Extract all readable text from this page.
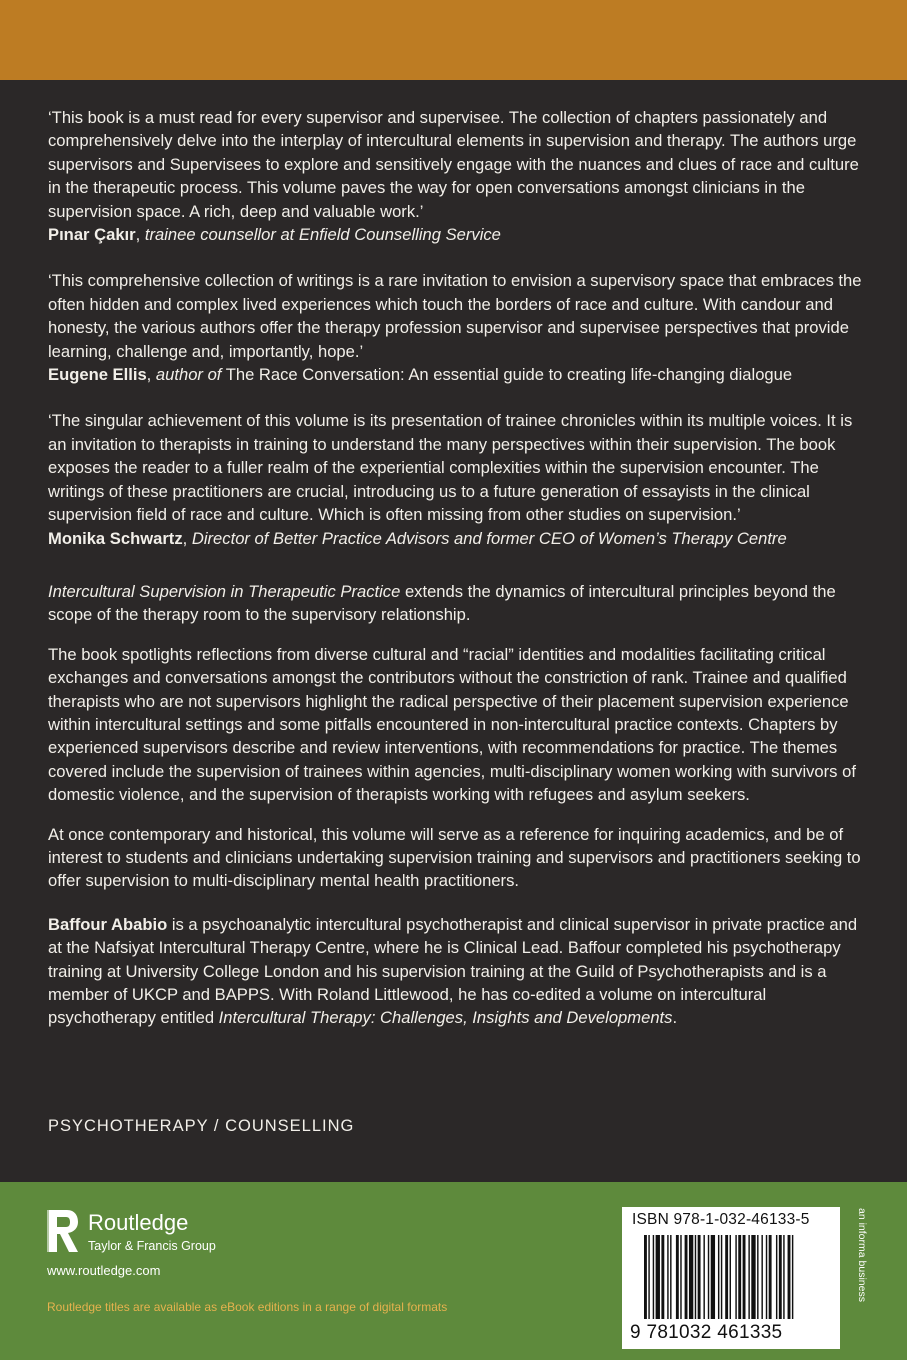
‘This book is a must read for every supervisor and supervisee. The collection of chapters passionately and comprehensively delve into the interplay of intercultural elements in supervision and therapy. The authors urge supervisors and Supervisees to explore and sensitively engage with the nuances and clues of race and culture in the therapeutic process. This volume paves the way for open conversations amongst clinicians in the supervision space. A rich, deep and valuable work.’

Pınar Çakır, trainee counsellor at Enfield Counselling Service

‘This comprehensive collection of writings is a rare invitation to envision a supervisory space that embraces the often hidden and complex lived experiences which touch the borders of race and culture. With candour and honesty, the various authors offer the therapy profession supervisor and supervisee perspectives that provide learning, challenge and, importantly, hope.’

Eugene Ellis, author of The Race Conversation: An essential guide to creating life-changing dialogue

‘The singular achievement of this volume is its presentation of trainee chronicles within its multiple voices. It is an invitation to therapists in training to understand the many perspectives within their supervision. The book exposes the reader to a fuller realm of the experiential complexities within the supervision encounter. The writings of these practitioners are crucial, introducing us to a future generation of essayists in the clinical supervision field of race and culture. Which is often missing from other studies on supervision.’

Monika Schwartz, Director of Better Practice Advisors and former CEO of Women’s Therapy Centre

Intercultural Supervision in Therapeutic Practice extends the dynamics of intercultural principles beyond the scope of the therapy room to the supervisory relationship.

The book spotlights reflections from diverse cultural and “racial” identities and modalities facilitating critical exchanges and conversations amongst the contributors without the constriction of rank. Trainee and qualified therapists who are not supervisors highlight the radical perspective of their placement supervision experience within intercultural settings and some pitfalls encountered in non-intercultural practice contexts. Chapters by experienced supervisors describe and review interventions, with recommendations for practice. The themes covered include the supervision of trainees within agencies, multi-disciplinary women working with survivors of domestic violence, and the supervision of therapists working with refugees and asylum seekers.

At once contemporary and historical, this volume will serve as a reference for inquiring academics, and be of interest to students and clinicians undertaking supervision training and supervisors and practitioners seeking to offer supervision to multi-disciplinary mental health practitioners.

Baffour Ababio is a psychoanalytic intercultural psychotherapist and clinical supervisor in private practice and at the Nafsiyat Intercultural Therapy Centre, where he is Clinical Lead. Baffour completed his psychotherapy training at University College London and his supervision training at the Guild of Psychotherapists and is a member of UKCP and BAPPS. With Roland Littlewood, he has co-edited a volume on intercultural psychotherapy entitled Intercultural Therapy: Challenges, Insights and Developments.

PSYCHOTHERAPY / COUNSELLING
Routledge
Taylor & Francis Group
www.routledge.com
Routledge titles are available as eBook editions in a range of digital formats
ISBN 978-1-032-46133-5
9 781032 461335
an informa business
